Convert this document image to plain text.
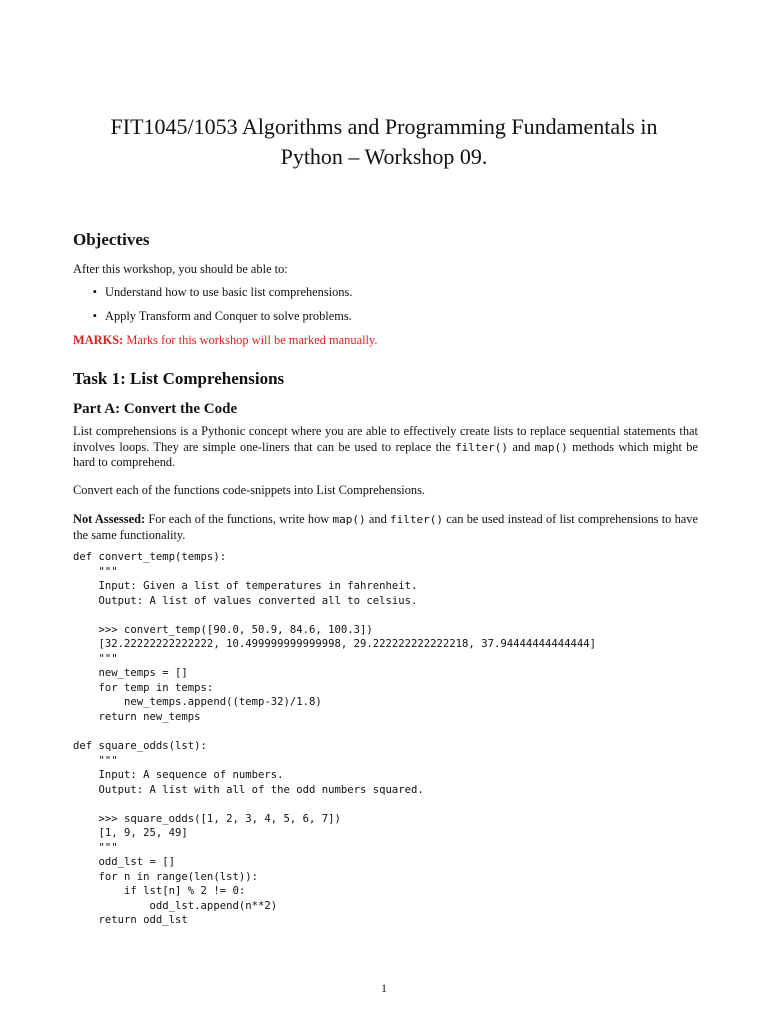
FIT1045/1053 Algorithms and Programming Fundamentals in
Python – Workshop 09.
Objectives

After this workshop, you should be able to:

• Understand how to use basic list comprehensions.
• Apply Transform and Conquer to solve problems.

MARKS: Marks for this workshop will be marked manually.

Task 1: List Comprehensions
Part A: Convert the Code

List comprehensions is a Pythonic concept where you are able to effectively create lists to replace sequential statements that involves loops. They are simple one-liners that can be used to replace the filter() and map() methods which might be hard to comprehend.

Convert each of the functions code-snippets into List Comprehensions.

Not Assessed: For each of the functions, write how map() and filter() can be used instead of list comprehensions to have the same functionality.

def convert_temp(temps):
"""
Input: Given a list of temperatures in fahrenheit.
Output: A list of values converted all to celsius.

>>> convert_temp([90.0, 50.9, 84.6, 100.3])
[32.22222222222222, 10.499999999999998, 29.222222222222218, 37.94444444444444]
"""
new_temps = []
for temp in temps:
new_temps.append((temp-32)/1.8)
return new_temps
def square_odds(lst):
"""
Input: A sequence of numbers.
Output: A list with all of the odd numbers squared.

>>> square_odds([1, 2, 3, 4, 5, 6, 7])
[1, 9, 25, 49]
"""
odd_lst = []
for n in range(len(lst)):
if lst[n] % 2 != 0:
odd_lst.append(n**2)
return odd_lst
1
